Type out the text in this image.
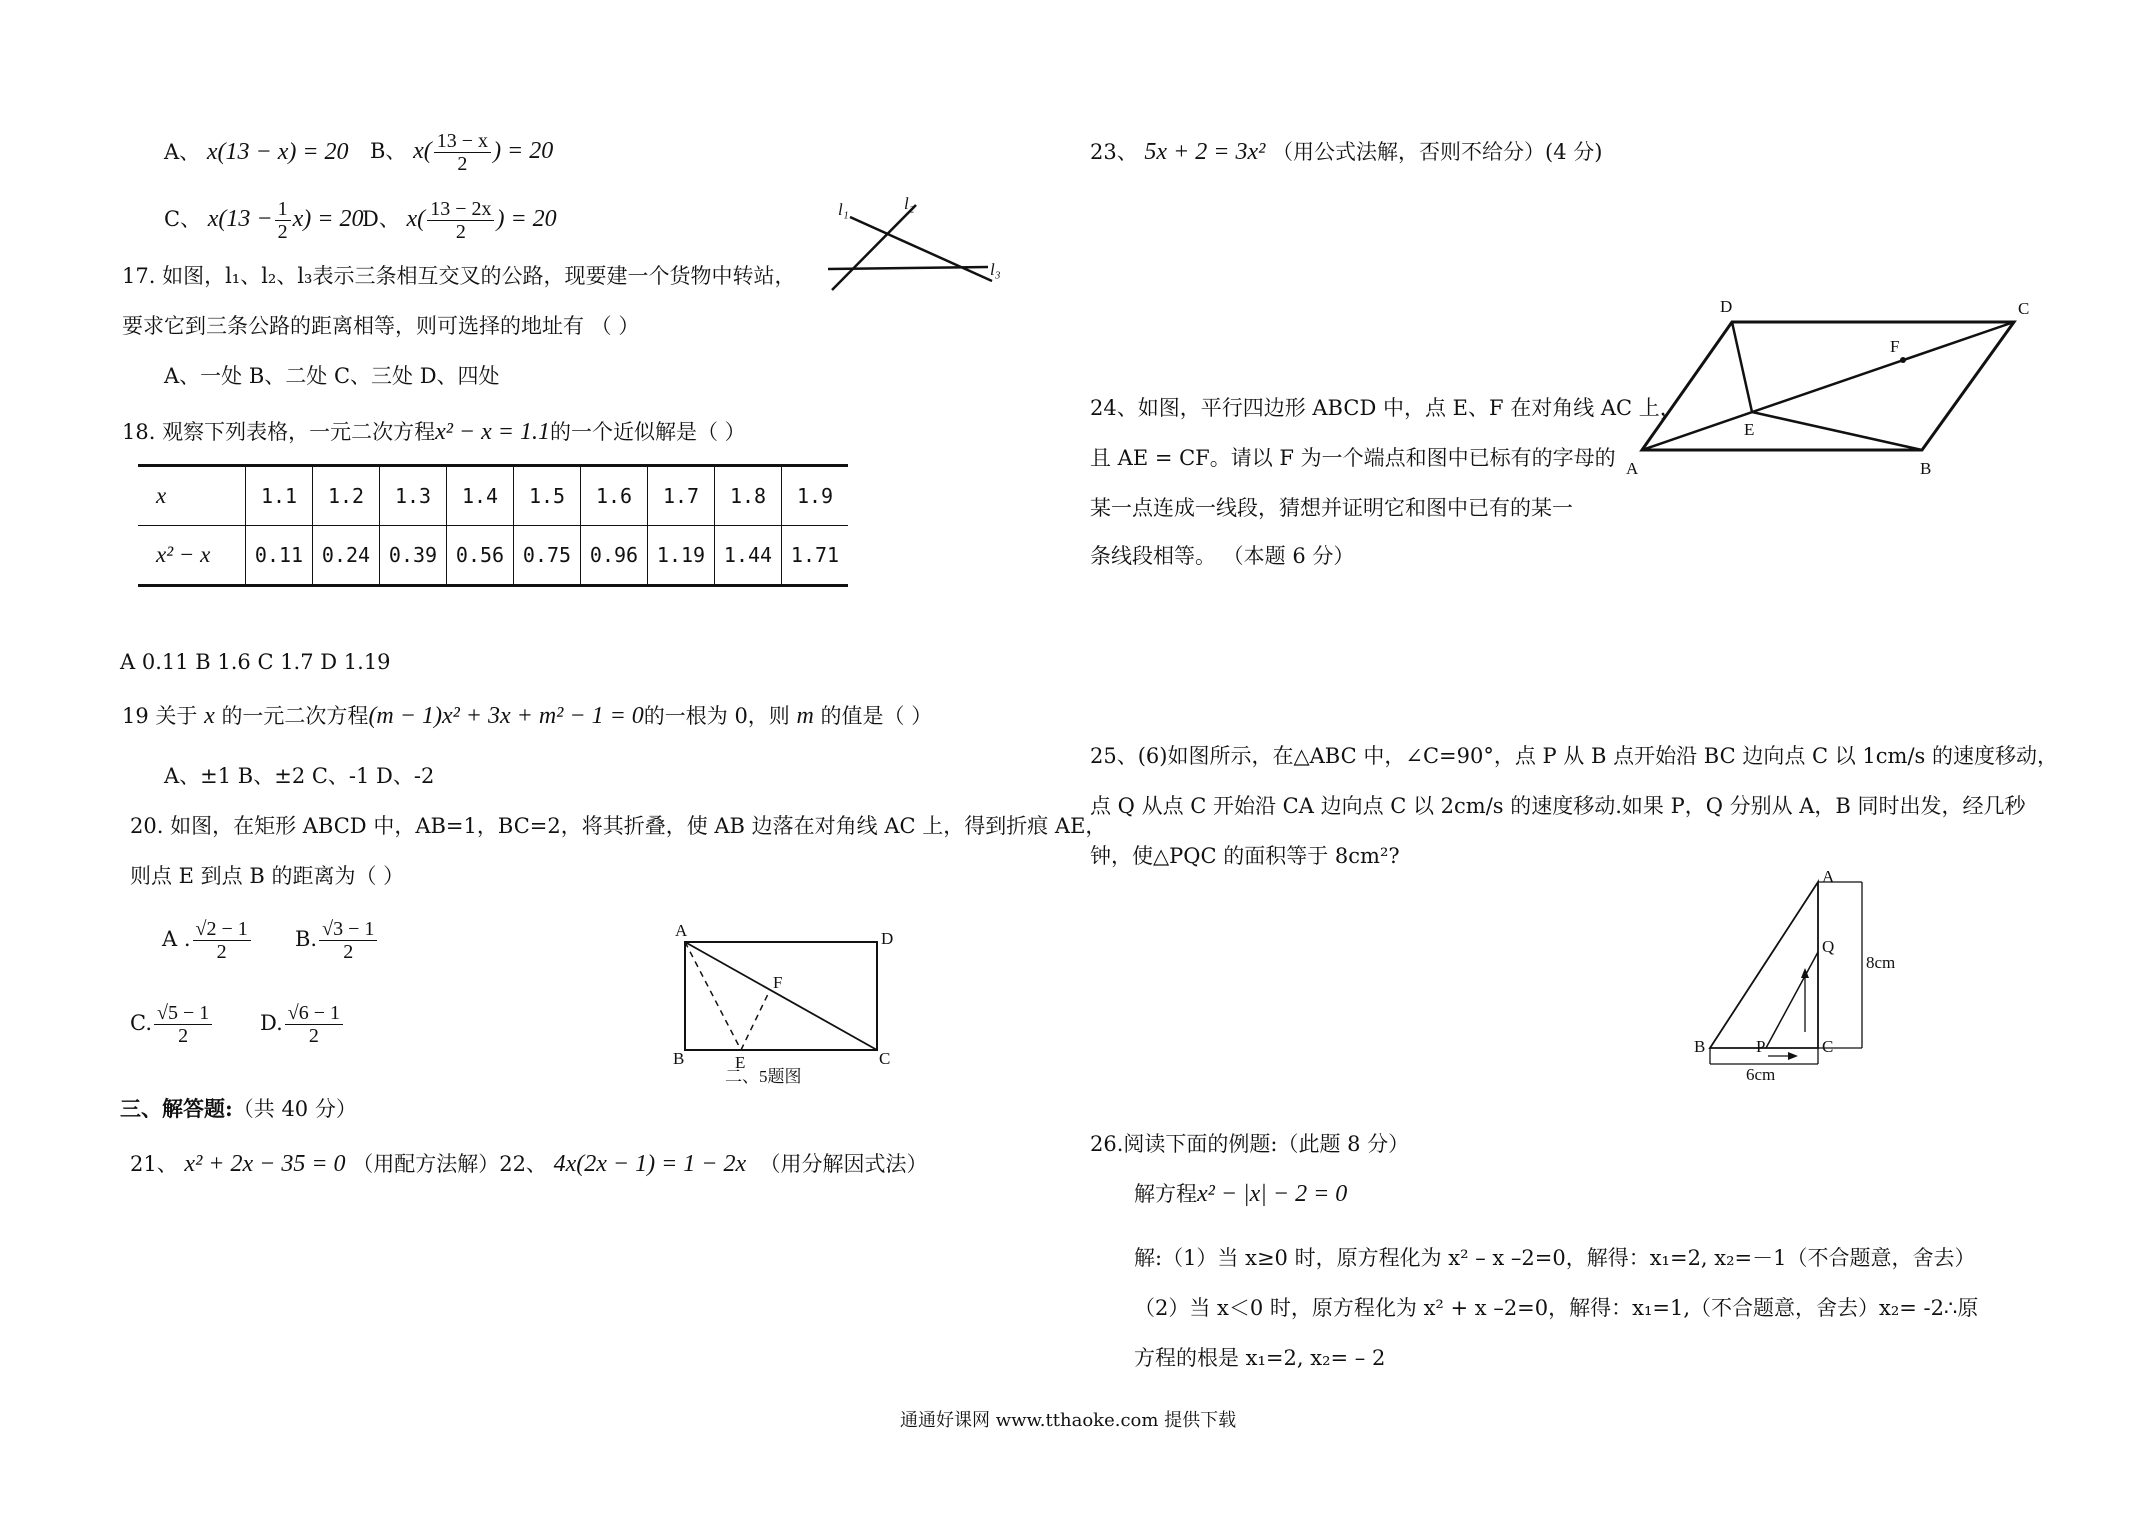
A、 x(13 − x) = 20 B、 $x( \frac{13 - x}{2}$ ) = 20
C、 $x(13 - \frac{1}{2} x) = 20$
D、 $x( \frac{13 - 2x}{2}$ ) = 20
17. 如图，l₁、l₂、l₃表示三条相互交叉的公路，现要建一个货物中转站，
要求它到三条公路的距离相等，则可选择的地址有 （ ）
A、一处 B、二处 C、三处 D、四处
l₁	l₂
l₃
18. 观察下列表格，一元二次方程x² − x = 1.1的一个近似解是（ ）
x	1.1	1.2	1.3	1.4	1.5	1.6	1.7	1.8	1.9
x² − x	0.11	0.24	0.39	0.56	0.75	0.96	1.19	1.44	1.71
A 0.11 B 1.6 C 1.7 D 1.19
19 关于 x 的一元二次方程(m − 1)x² + 3x + m² − 1 = 0的一根为 0，则 m 的值是（ ）
A、±1 B、±2 C、-1 D、-2
20. 如图，在矩形 ABCD 中，AB=1，BC=2，将其折叠，使 AB 边落在对角线 AC 上，得到折痕 AE，
则点 E 到点 B 的距离为（ ）
A . $\frac{√2 - 1}{2} B$. $\frac{√3 - 1}{2}$
C. $\frac{√5 - 1}{2} D$. $\frac{√6 - 1}{2}$
A	D
B	C
F
E
二、5题图
三、解答题:（共 40 分）
21、 x² + 2x − 35 = 0 （用配方法解）22、 4x(2x − 1) = 1 − 2x （用分解因式法）
23、 5x + 2 = 3x² （用公式法解，否则不给分）(4 分)
A	B
C
D
E
F
24、如图，平行四边形 ABCD 中，点 E、F 在对角线 AC 上，
且 AE = CF。请以 F 为一个端点和图中已标有的字母的
某一点连成一线段，猜想并证明它和图中已有的某一
条线段相等。 （本题 6 分）
25、(6)如图所示，在△ABC 中，∠C=90°，点 P 从 B 点开始沿 BC 边向点 C 以 1cm/s 的速度移动，
点 Q 从点 C 开始沿 CA 边向点 C 以 2cm/s 的速度移动.如果 P，Q 分别从 A，B 同时出发，经几秒
钟，使△PQC 的面积等于 8cm²?
A
B	C
P
Q
8cm
6cm
26.阅读下面的例题:（此题 8 分）
解方程x² − |x| − 2 = 0
解:（1）当 x≥0 时，原方程化为 x² – x –2=0，解得：x₁=2, x₂=－1（不合题意，舍去）
（2）当 x＜0 时，原方程化为 x² + x –2=0，解得：x₁=1,（不合题意，舍去）x₂= -2∴原
方程的根是 x₁=2, x₂= – 2
通通好课网 www.tthaoke.com 提供下载
